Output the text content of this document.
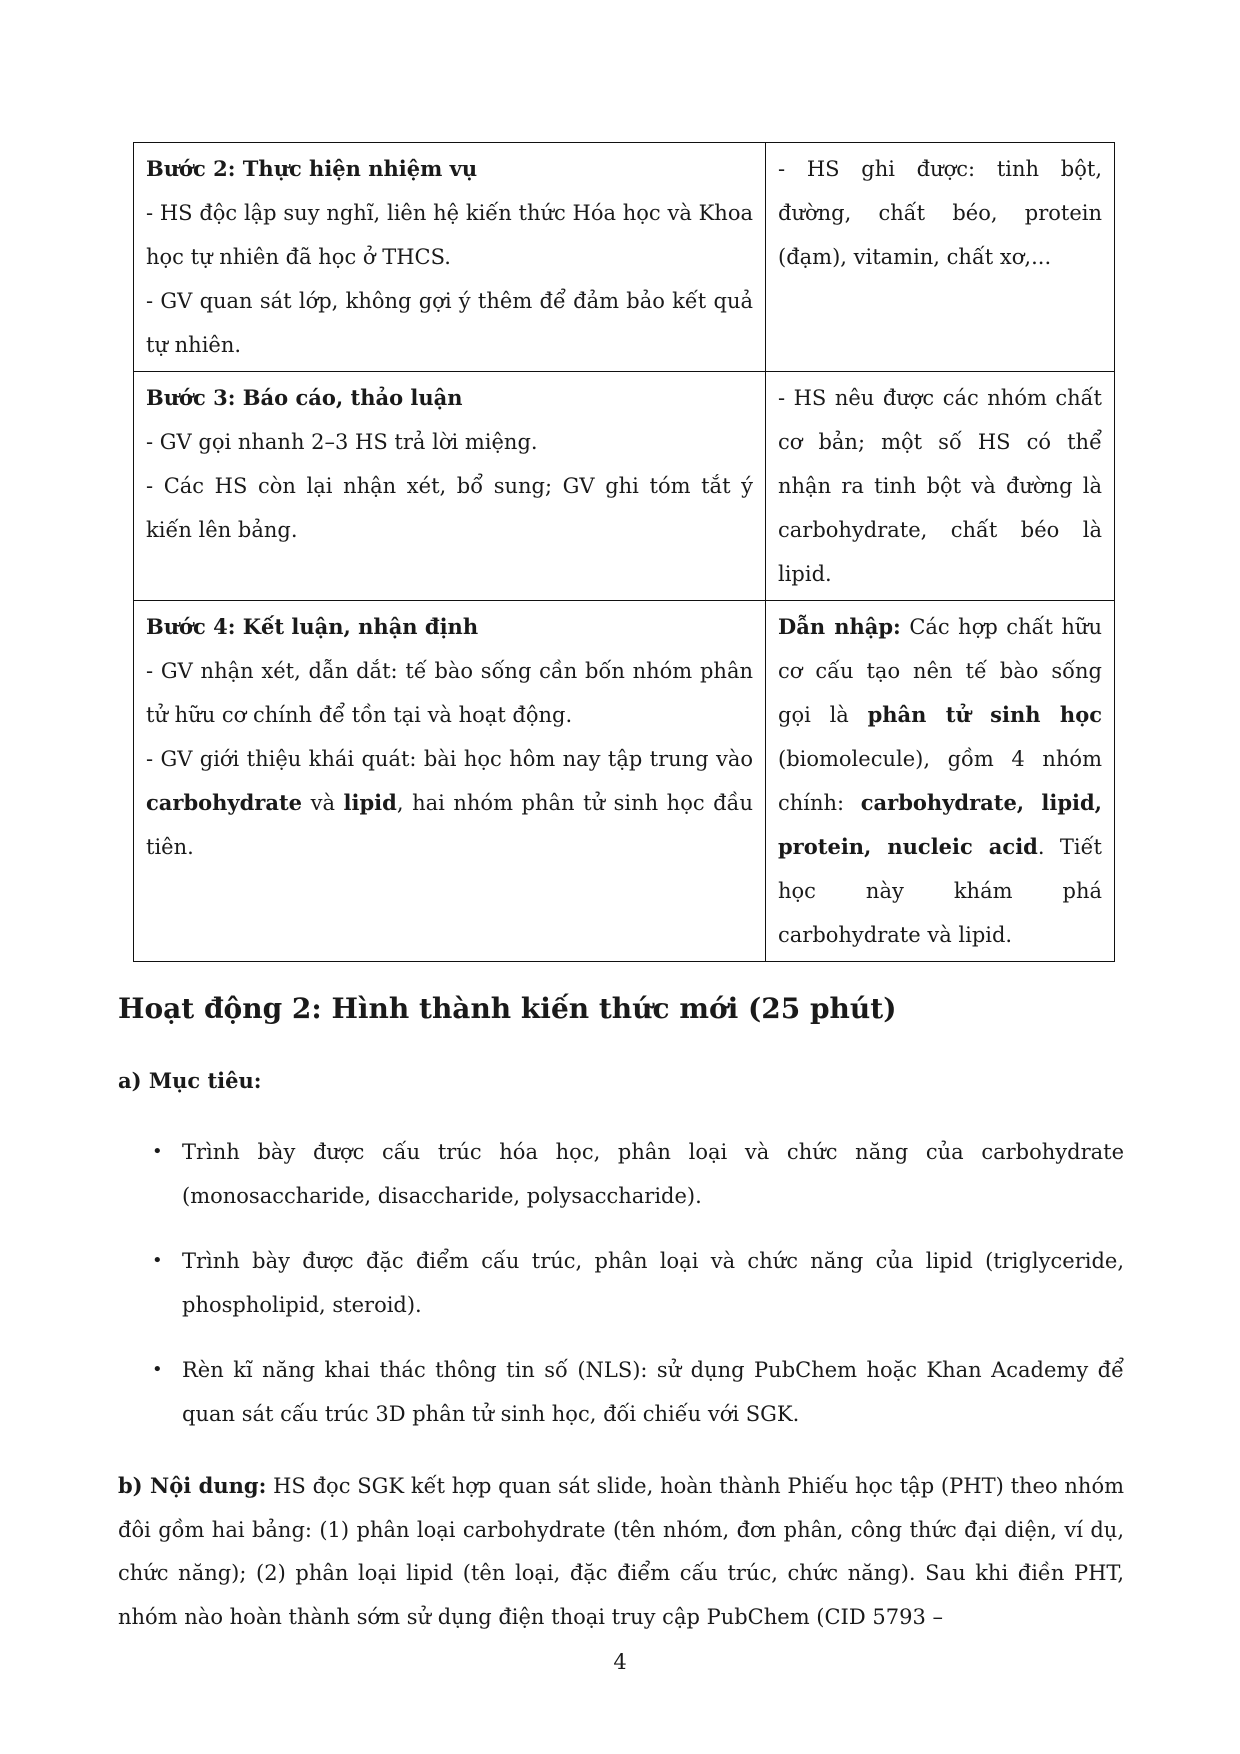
Bước 2: Thực hiện nhiệm vụ
- HS độc lập suy nghĩ, liên hệ kiến thức Hóa học và Khoa học tự nhiên đã học ở THCS.
- GV quan sát lớp, không gợi ý thêm để đảm bảo kết quả tự nhiên.	- HS ghi được: tinh bột, đường, chất béo, protein (đạm), vitamin, chất xơ,...

Bước 3: Báo cáo, thảo luận
- GV gọi nhanh 2–3 HS trả lời miệng.
- Các HS còn lại nhận xét, bổ sung; GV ghi tóm tắt ý kiến lên bảng.	- HS nêu được các nhóm chất cơ bản; một số HS có thể nhận ra tinh bột và đường là carbohydrate, chất béo là lipid.

Bước 4: Kết luận, nhận định
- GV nhận xét, dẫn dắt: tế bào sống cần bốn nhóm phân tử hữu cơ chính để tồn tại và hoạt động.
- GV giới thiệu khái quát: bài học hôm nay tập trung vào carbohydrate và lipid, hai nhóm phân tử sinh học đầu tiên.	Dẫn nhập: Các hợp chất hữu cơ cấu tạo nên tế bào sống gọi là phân tử sinh học (biomolecule), gồm 4 nhóm chính: carbohydrate, lipid, protein, nucleic acid. Tiết học này khám phá carbohydrate và lipid.
Hoạt động 2: Hình thành kiến thức mới (25 phút)

a) Mục tiêu:

• Trình bày được cấu trúc hóa học, phân loại và chức năng của carbohydrate (monosaccharide, disaccharide, polysaccharide).
• Trình bày được đặc điểm cấu trúc, phân loại và chức năng của lipid (triglyceride, phospholipid, steroid).
• Rèn kĩ năng khai thác thông tin số (NLS): sử dụng PubChem hoặc Khan Academy để quan sát cấu trúc 3D phân tử sinh học, đối chiếu với SGK.

b) Nội dung: HS đọc SGK kết hợp quan sát slide, hoàn thành Phiếu học tập (PHT) theo nhóm đôi gồm hai bảng: (1) phân loại carbohydrate (tên nhóm, đơn phân, công thức đại diện, ví dụ, chức năng); (2) phân loại lipid (tên loại, đặc điểm cấu trúc, chức năng). Sau khi điền PHT, nhóm nào hoàn thành sớm sử dụng điện thoại truy cập PubChem (CID 5793 –

4
